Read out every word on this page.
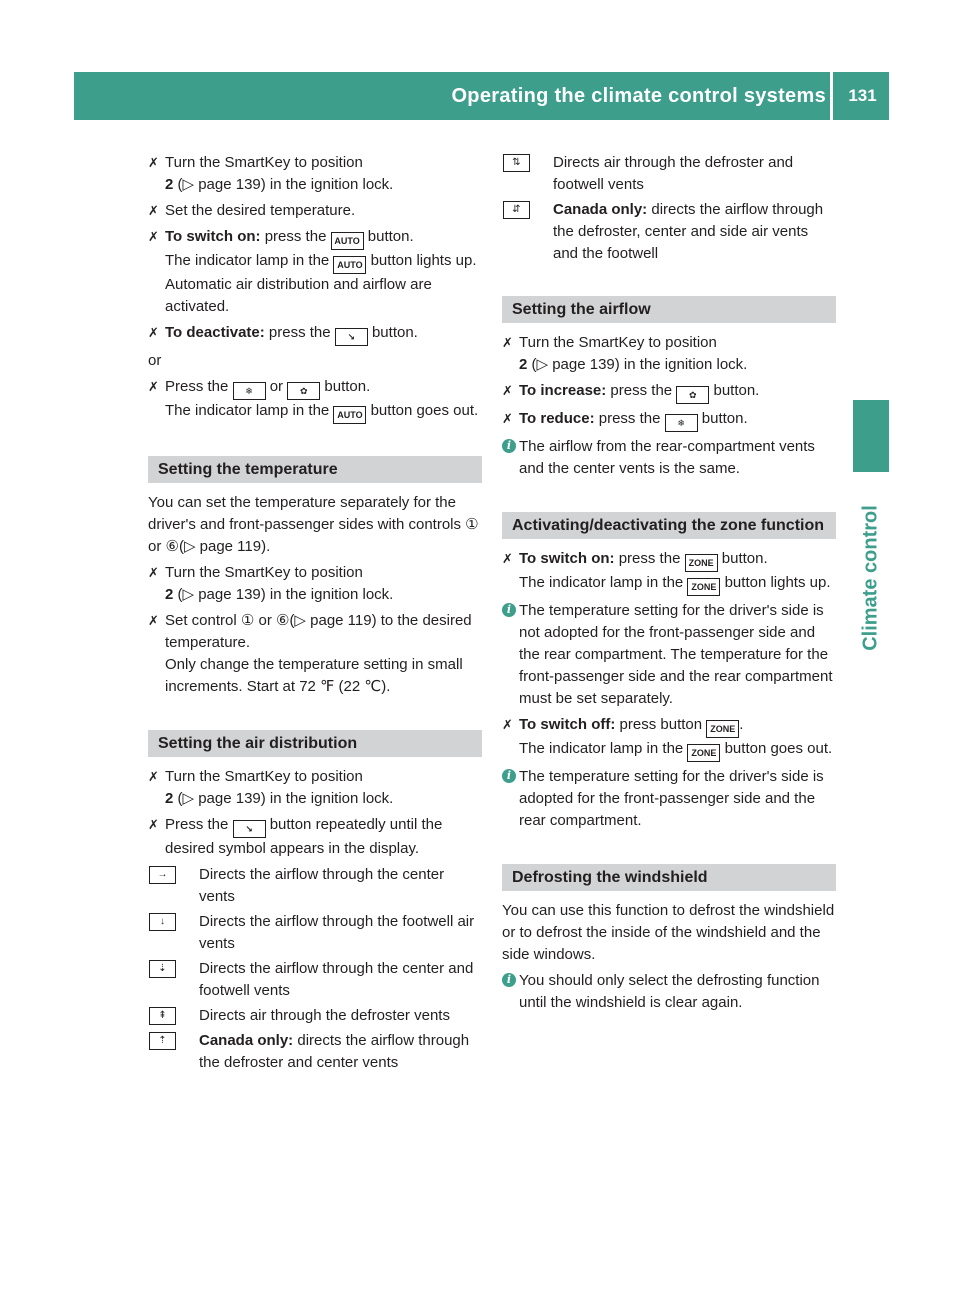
Operating the climate control systems	131
Climate control
✗ Turn the SmartKey to position
2 (▷ page 139) in the ignition lock.
✗ Set the desired temperature.
✗ To switch on: press the AUTO button.
The indicator lamp in the AUTO button lights up. Automatic air distribution and airflow are activated.
✗ To deactivate: press the ↘ button.
or
✗ Press the ❄ or ✿ button.
The indicator lamp in the AUTO button goes out.
Setting the temperature
You can set the temperature separately for the driver's and front-passenger sides with controls ① or ⑥(▷ page 119).
✗ Turn the SmartKey to position
2 (▷ page 139) in the ignition lock.
✗ Set control ① or ⑥(▷ page 119) to the desired temperature.
Only change the temperature setting in small increments. Start at 72 ℉ (22 ℃).
Setting the air distribution
✗ Turn the SmartKey to position
2 (▷ page 139) in the ignition lock.
✗ Press the ↘ button repeatedly until the desired symbol appears in the display.
→	Directs the airflow through the center vents
↓	Directs the airflow through the footwell air vents
⇣	Directs the airflow through the center and footwell vents
⇞	Directs air through the defroster vents
⇡	Canada only: directs the airflow through the defroster and center vents
⇅	Directs air through the defroster and footwell vents
⇵	Canada only: directs the airflow through the defroster, center and side air vents and the footwell
Setting the airflow
✗ Turn the SmartKey to position
2 (▷ page 139) in the ignition lock.
✗ To increase: press the ✿ button.
✗ To reduce: press the ❄ button.
i The airflow from the rear-compartment vents and the center vents is the same.
Activating/deactivating the zone function
✗ To switch on: press the ZONE button.
The indicator lamp in the ZONE button lights up.
i The temperature setting for the driver's side is not adopted for the front-passenger side and the rear compartment. The temperature for the front-passenger side and the rear compartment must be set separately.
✗ To switch off: press button ZONE .
The indicator lamp in the ZONE button goes out.
i The temperature setting for the driver's side is adopted for the front-passenger side and the rear compartment.
Defrosting the windshield
You can use this function to defrost the windshield or to defrost the inside of the windshield and the side windows.
i You should only select the defrosting function until the windshield is clear again.
